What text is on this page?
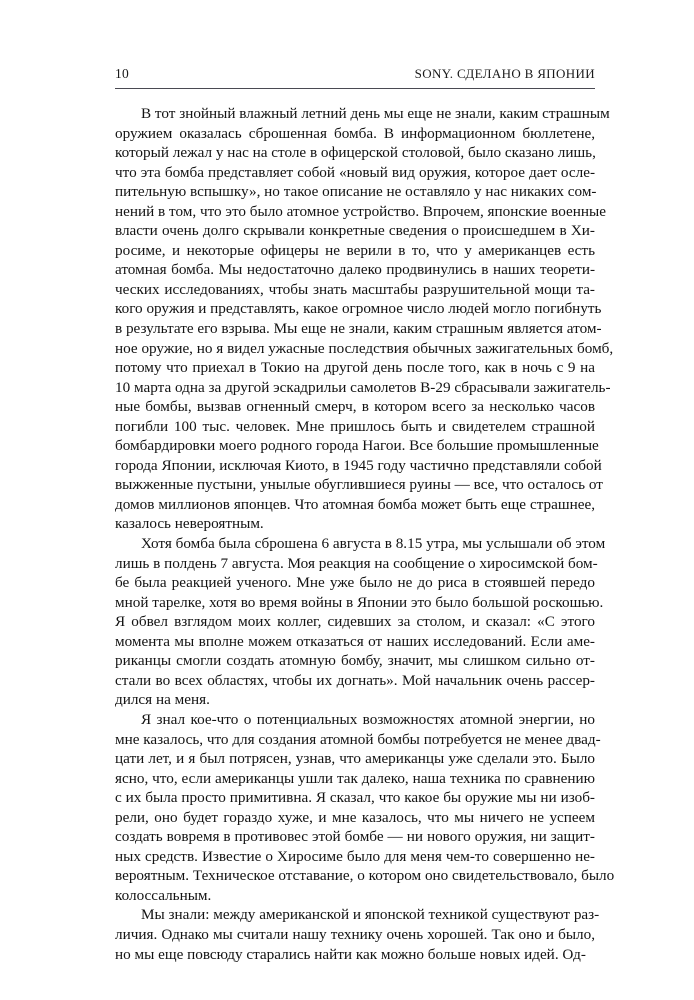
10	SONY. СДЕЛАНО В ЯПОНИИ

В тот знойный влажный летний день мы еще не знали, каким страшным
оружием оказалась сброшенная бомба. В информационном бюллетене,
который лежал у нас на столе в офицерской столовой, было сказано лишь,
что эта бомба представляет собой «новый вид оружия, которое дает осле-
пительную вспышку», но такое описание не оставляло у нас никаких сом-
нений в том, что это было атомное устройство. Впрочем, японские военные
власти очень долго скрывали конкретные сведения о происшедшем в Хи-
росиме, и некоторые офицеры не верили в то, что у американцев есть
атомная бомба. Мы недостаточно далеко продвинулись в наших теорети-
ческих исследованиях, чтобы знать масштабы разрушительной мощи та-
кого оружия и представлять, какое огромное число людей могло погибнуть
в результате его взрыва. Мы еще не знали, каким страшным является атом-
ное оружие, но я видел ужасные последствия обычных зажигательных бомб,
потому что приехал в Токио на другой день после того, как в ночь с 9 на
10 марта одна за другой эскадрильи самолетов B-29 сбрасывали зажигатель-
ные бомбы, вызвав огненный смерч, в котором всего за несколько часов
погибли 100 тыс. человек. Мне пришлось быть и свидетелем страшной
бомбардировки моего родного города Нагои. Все большие промышленные
города Японии, исключая Киото, в 1945 году частично представляли собой
выжженные пустыни, унылые обуглившиеся руины — все, что осталось от
домов миллионов японцев. Что атомная бомба может быть еще страшнее,
казалось невероятным.

Хотя бомба была сброшена 6 августа в 8.15 утра, мы услышали об этом
лишь в полдень 7 августа. Моя реакция на сообщение о хиросимской бом-
бе была реакцией ученого. Мне уже было не до риса в стоявшей передо
мной тарелке, хотя во время войны в Японии это было большой роскошью.
Я обвел взглядом моих коллег, сидевших за столом, и сказал: «С этого
момента мы вполне можем отказаться от наших исследований. Если аме-
риканцы смогли создать атомную бомбу, значит, мы слишком сильно от-
стали во всех областях, чтобы их догнать». Мой начальник очень рассер-
дился на меня.

Я знал кое-что о потенциальных возможностях атомной энергии, но
мне казалось, что для создания атомной бомбы потребуется не менее двад-
цати лет, и я был потрясен, узнав, что американцы уже сделали это. Было
ясно, что, если американцы ушли так далеко, наша техника по сравнению
с их была просто примитивна. Я сказал, что какое бы оружие мы ни изоб-
рели, оно будет гораздо хуже, и мне казалось, что мы ничего не успеем
создать вовремя в противовес этой бомбе — ни нового оружия, ни защит-
ных средств. Известие о Хиросиме было для меня чем-то совершенно не-
вероятным. Техническое отставание, о котором оно свидетельствовало, было
колоссальным.

Мы знали: между американской и японской техникой существуют раз-
личия. Однако мы считали нашу технику очень хорошей. Так оно и было,
но мы еще повсюду старались найти как можно больше новых идей. Од-
